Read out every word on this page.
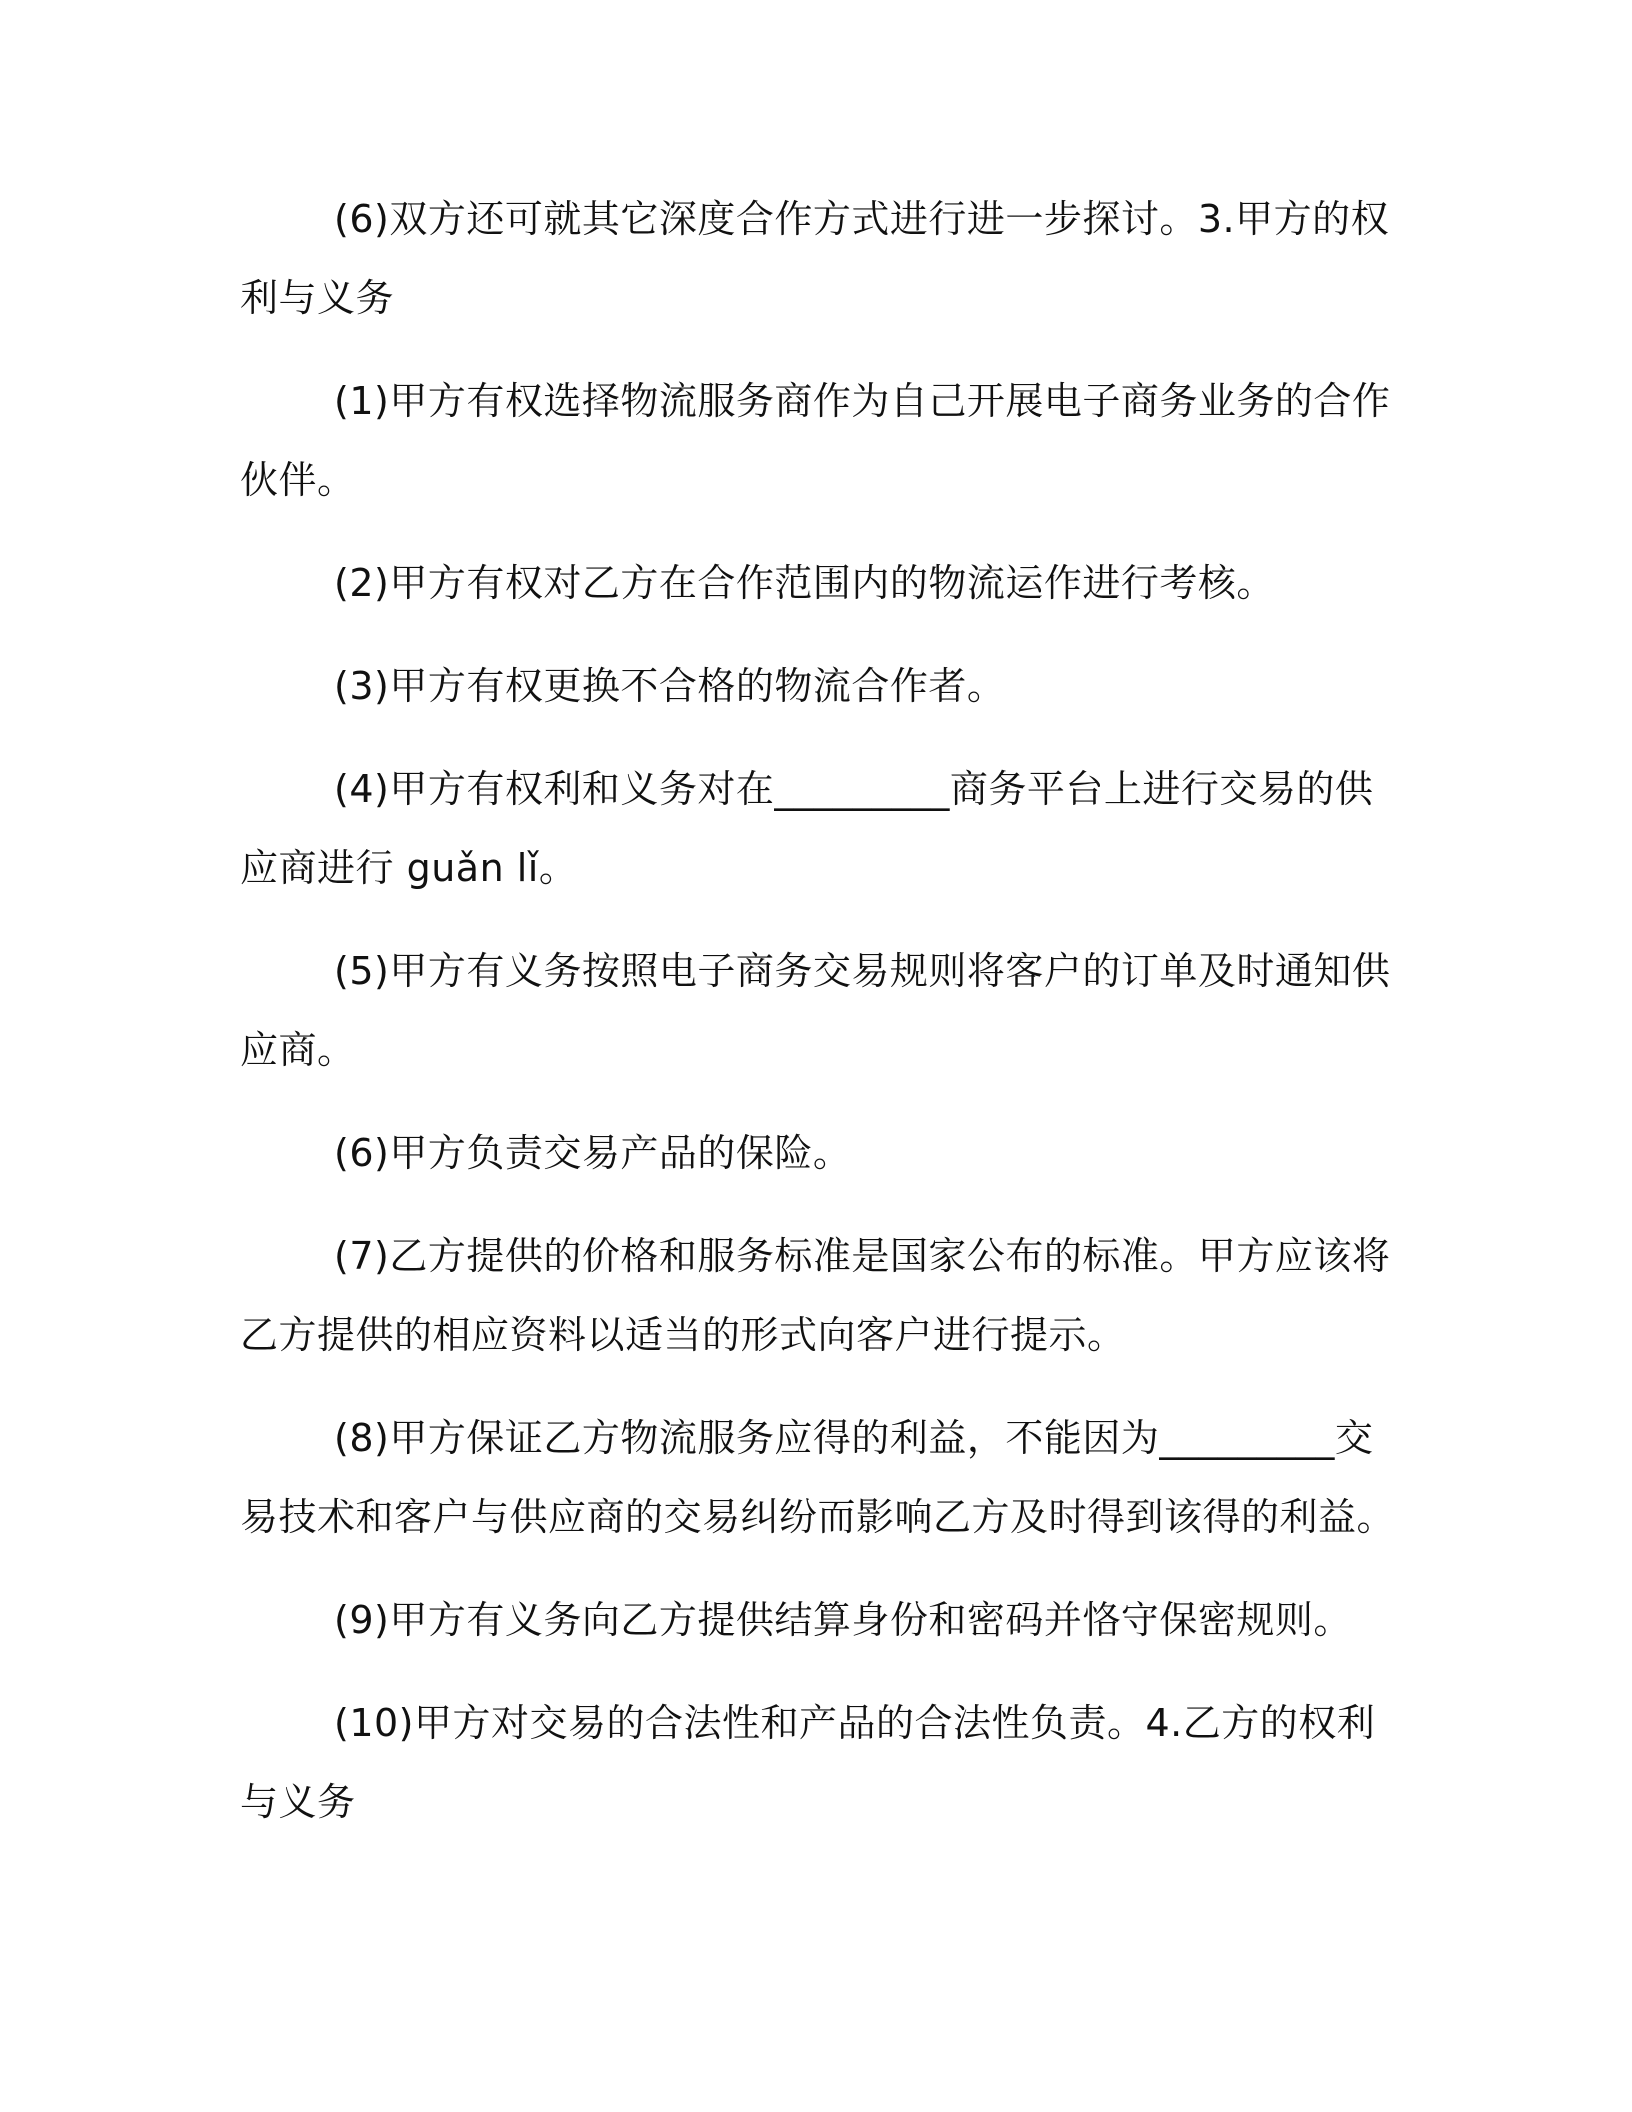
(6)双方还可就其它深度合作方式进行进一步探讨。3.甲方的权利与义务

(1)甲方有权选择物流服务商作为自己开展电子商务业务的合作伙伴。

(2)甲方有权对乙方在合作范围内的物流运作进行考核。

(3)甲方有权更换不合格的物流合作者。

(4)甲方有权利和义务对在_________商务平台上进行交易的供应商进行 guǎn lǐ。

(5)甲方有义务按照电子商务交易规则将客户的订单及时通知供应商。

(6)甲方负责交易产品的保险。

(7)乙方提供的价格和服务标准是国家公布的标准。甲方应该将乙方提供的相应资料以适当的形式向客户进行提示。

(8)甲方保证乙方物流服务应得的利益，不能因为_________交易技术和客户与供应商的交易纠纷而影响乙方及时得到该得的利益。

(9)甲方有义务向乙方提供结算身份和密码并恪守保密规则。

(10)甲方对交易的合法性和产品的合法性负责。4.乙方的权利与义务
